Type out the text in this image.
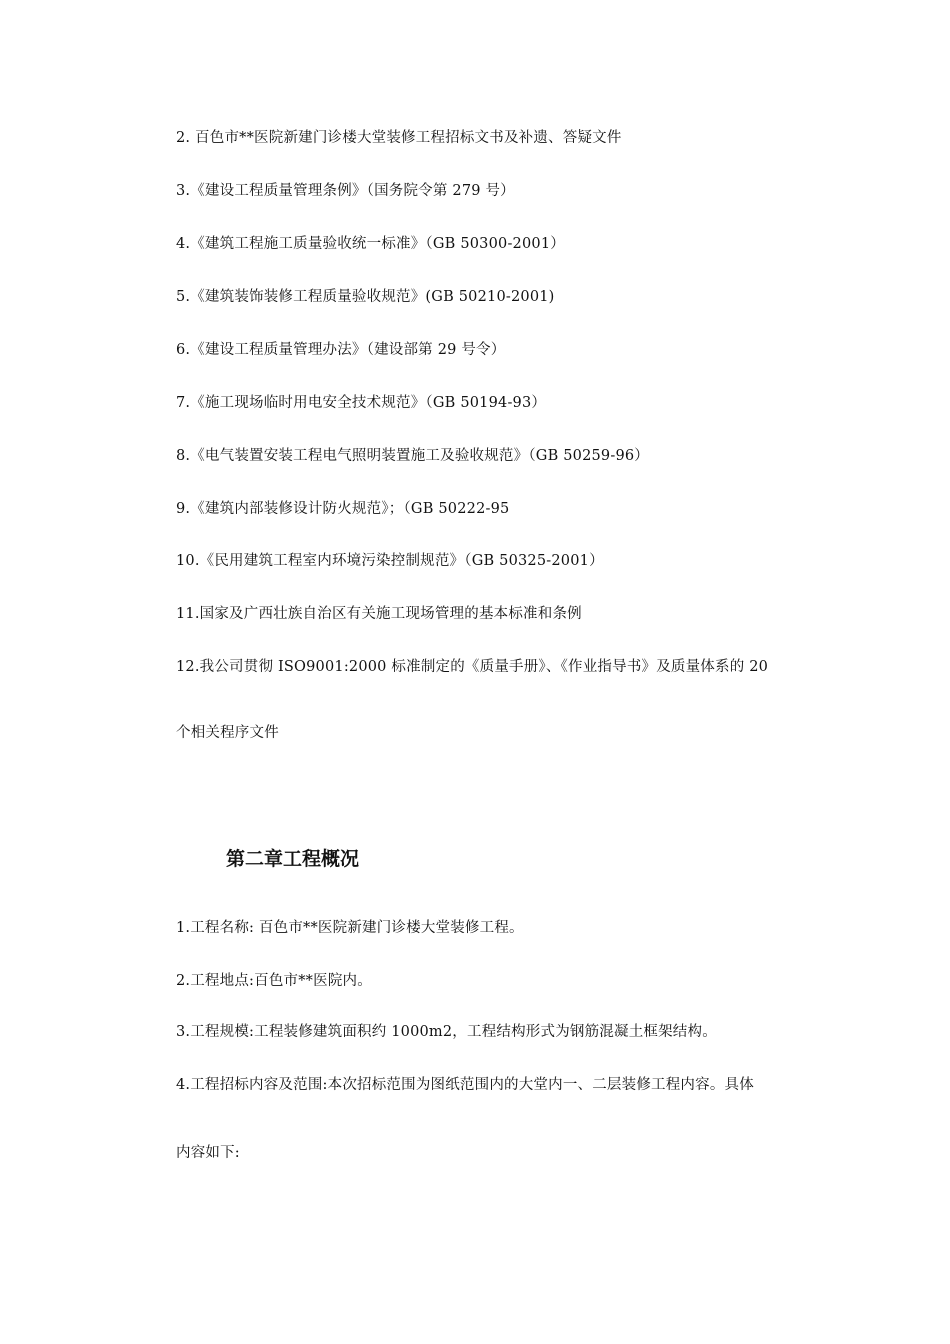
2. 百色市**医院新建门诊楼大堂装修工程招标文书及补遗、答疑文件
3.《建设工程质量管理条例》（国务院令第 279 号）
4.《建筑工程施工质量验收统一标准》（GB 50300-2001）
5.《建筑装饰装修工程质量验收规范》(GB 50210-2001)
6.《建设工程质量管理办法》（建设部第 29 号令）
7.《施工现场临时用电安全技术规范》（GB 50194-93）
8.《电气装置安装工程电气照明装置施工及验收规范》（GB 50259-96）
9.《建筑内部装修设计防火规范》；（GB 50222-95
10.《民用建筑工程室内环境污染控制规范》（GB 50325-2001）
11.国家及广西壮族自治区有关施工现场管理的基本标准和条例
12.我公司贯彻 ISO9001:2000 标准制定的《质量手册》、《作业指导书》及质量体系的 20
个相关程序文件
第二章工程概况
1.工程名称: 百色市**医院新建门诊楼大堂装修工程。
2.工程地点:百色市**医院内。
3.工程规模:工程装修建筑面积约 1000m2，工程结构形式为钢筋混凝土框架结构。
4.工程招标内容及范围:本次招标范围为图纸范围内的大堂内一、二层装修工程内容。具体
内容如下:
